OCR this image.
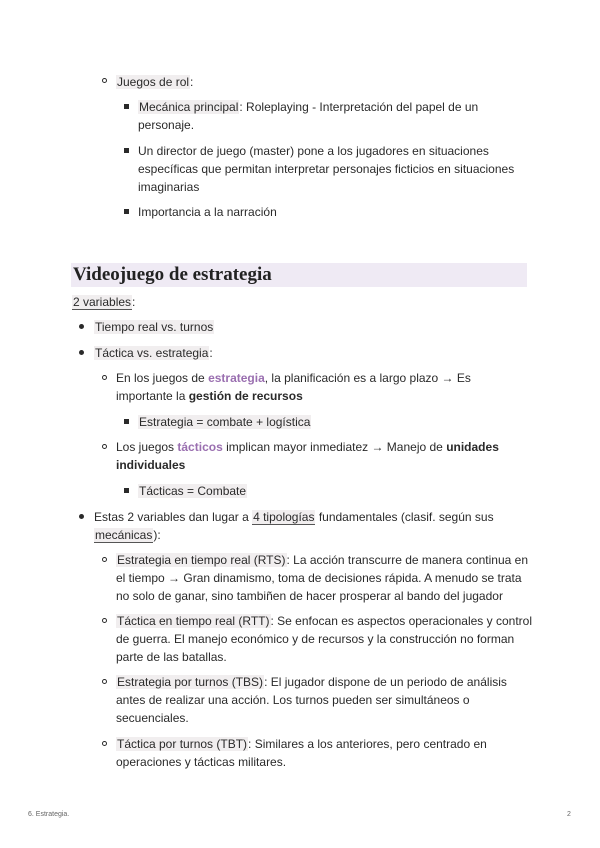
Juegos de rol:
Mecánica principal: Roleplaying - Interpretación del papel de un
personaje.
Un director de juego (master) pone a los jugadores en situaciones
específicas que permitan interpretar personajes ficticios en situaciones
imaginarias
Importancia a la narración
Videojuego de estrategia
2 variables:
Tiempo real vs. turnos
Táctica vs. estrategia:
En los juegos de estrategia, la planificación es a largo plazo → Es
importante la gestión de recursos
Estrategia = combate + logística
Los juegos tácticos implican mayor inmediatez → Manejo de unidades
individuales
Tácticas = Combate
Estas 2 variables dan lugar a 4 tipologías fundamentales (clasif. según sus
mecánicas):
Estrategia en tiempo real (RTS): La acción transcurre de manera continua en
el tiempo → Gran dinamismo, toma de decisiones rápida. A menudo se trata
no solo de ganar, sino tambiñen de hacer prosperar al bando del jugador
Táctica en tiempo real (RTT): Se enfocan es aspectos operacionales y control
de guerra. El manejo económico y de recursos y la construcción no forman
parte de las batallas.
Estrategia por turnos (TBS): El jugador dispone de un periodo de análisis
antes de realizar una acción. Los turnos pueden ser simultáneos o
secuenciales.
Táctica por turnos (TBT): Similares a los anteriores, pero centrado en
operaciones y tácticas militares.
6. Estrategia.	2
